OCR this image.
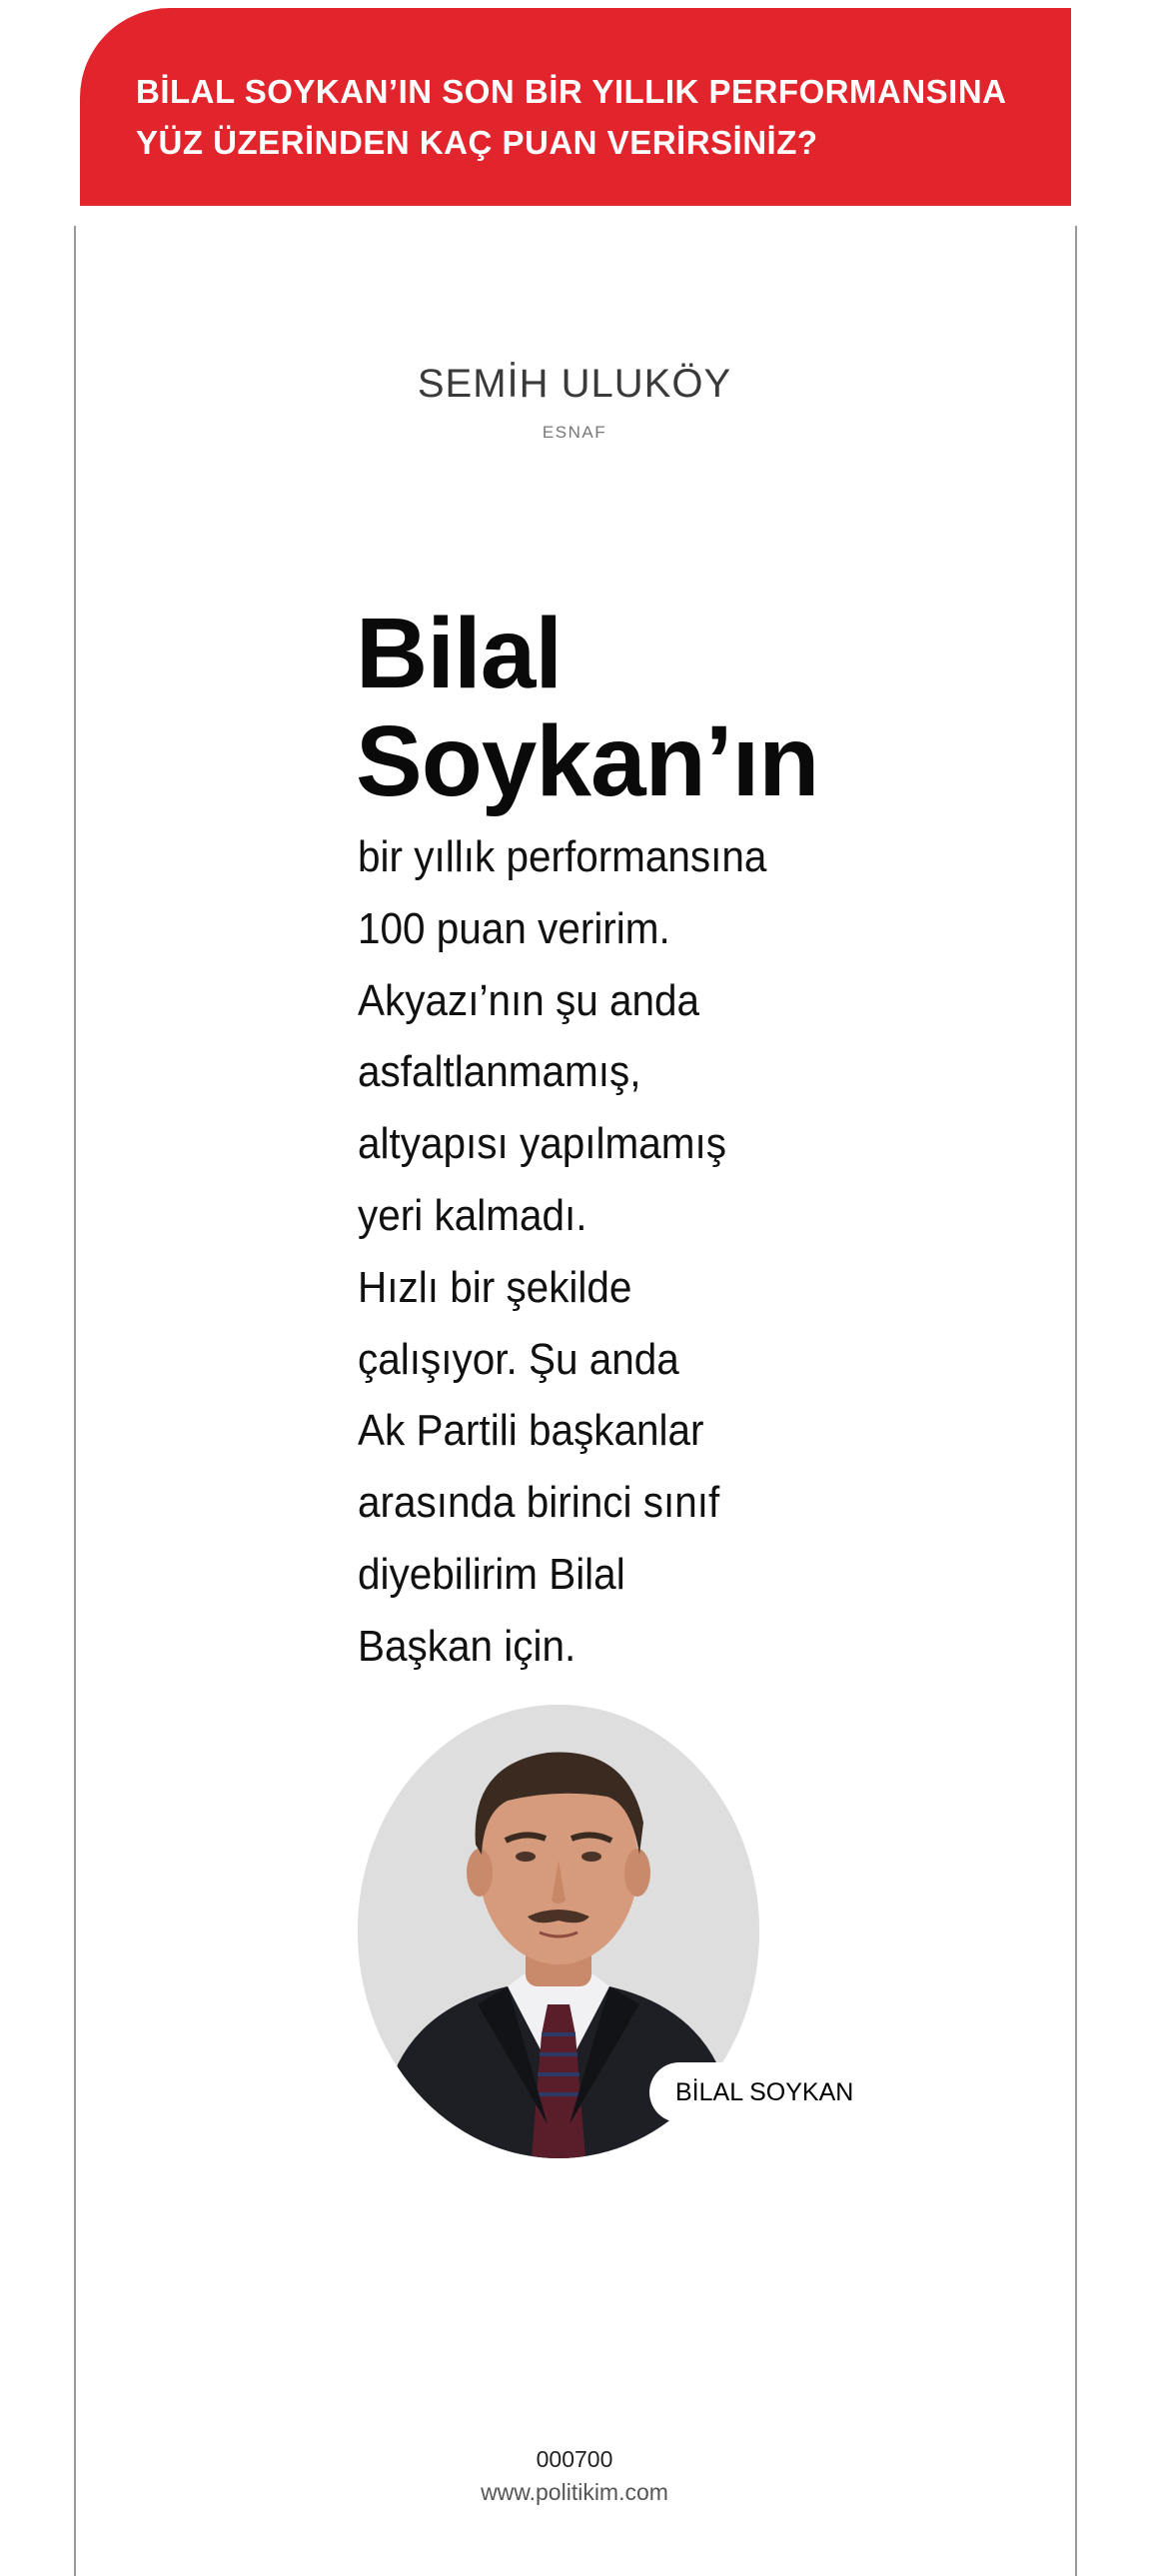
BİLAL SOYKAN’IN SON BİR YILLIK PERFORMANSINA
YÜZ ÜZERİNDEN KAÇ PUAN VERİRSİNİZ?
SEMİH ULUKÖY
ESNAF
Bilal
Soykan’ın
bir yıllık performansına
100 puan veririm.
Akyazı’nın şu anda
asfaltlanmamış,
altyapısı yapılmamış
yeri kalmadı.
Hızlı bir şekilde
çalışıyor. Şu anda
Ak Partili başkanlar
arasında birinci sınıf
diyebilirim Bilal
Başkan için.
BİLAL SOYKAN
000700
www.politikim.com
